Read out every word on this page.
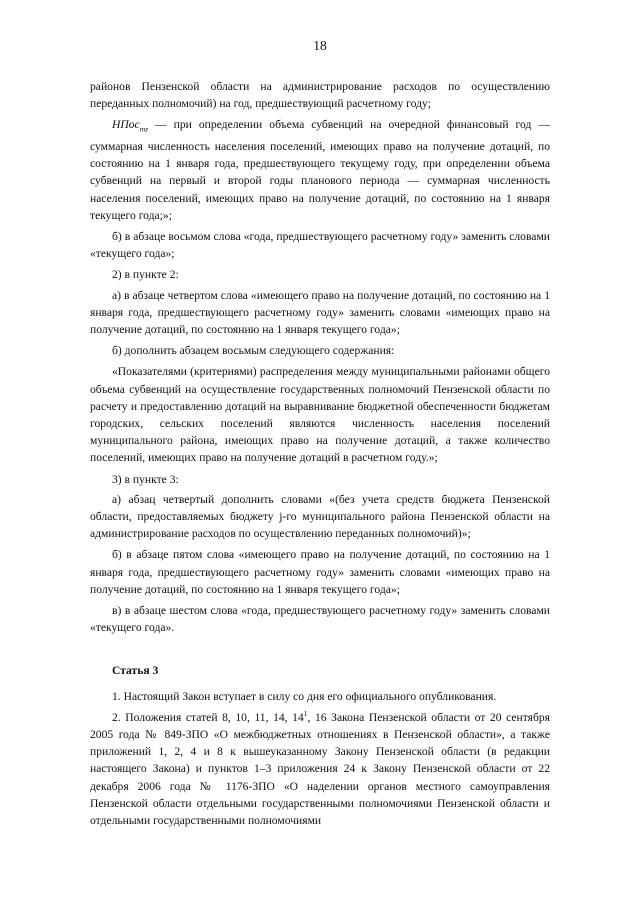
18

районов Пензенской области на администрирование расходов по осуществлению переданных полномочий) на год, предшествующий расчетному году;

НПос$_{mz}$ — при определении объема субвенций на очередной финансовый год — суммарная численность населения поселений, имеющих право на получение дотаций, по состоянию на 1 января года, предшествующего текущему году, при определении объема субвенций на первый и второй годы планового периода — суммарная численность населения поселений, имеющих право на получение дотаций, по состоянию на 1 января текущего года;»;

б) в абзаце восьмом слова «года, предшествующего расчетному году» заменить словами «текущего года»;

2) в пункте 2:

а) в абзаце четвертом слова «имеющего право на получение дотаций, по состоянию на 1 января года, предшествующего расчетному году» заменить словами «имеющих право на получение дотаций, по состоянию на 1 января текущего года»;

б) дополнить абзацем восьмым следующего содержания:

«Показателями (критериями) распределения между муниципальными районами общего объема субвенций на осуществление государственных полномочий Пензенской области по расчету и предоставлению дотаций на выравнивание бюджетной обеспеченности бюджетам городских, сельских поселений являются численность населения поселений муниципального района, имеющих право на получение дотаций, а также количество поселений, имеющих право на получение дотаций в расчетном году.»;

3) в пункте 3:

а) абзац четвертый дополнить словами «(без учета средств бюджета Пензенской области, предоставляемых бюджету j-го муниципального района Пензенской области на администрирование расходов по осуществлению переданных полномочий)»;

б) в абзаце пятом слова «имеющего право на получение дотаций, по состоянию на 1 января года, предшествующего расчетному году» заменить словами «имеющих право на получение дотаций, по состоянию на 1 января текущего года»;

в) в абзаце шестом слова «года, предшествующего расчетному году» заменить словами «текущего года».

Статья 3

1. Настоящий Закон вступает в силу со дня его официального опубликования.

2. Положения статей 8, 10, 11, 14, $14^1$, 16 Закона Пензенской области от 20 сентября 2005 года № 849-ЗПО «О межбюджетных отношениях в Пензенской области», а также приложений 1, 2, 4 и 8 к вышеуказанному Закону Пензенской области (в редакции настоящего Закона) и пунктов 1–3 приложения 24 к Закону Пензенской области от 22 декабря 2006 года № 1176-ЗПО «О наделении органов местного самоуправления Пензенской области отдельными государственными полномочиями Пензенской области и отдельными государственными полномочиями
